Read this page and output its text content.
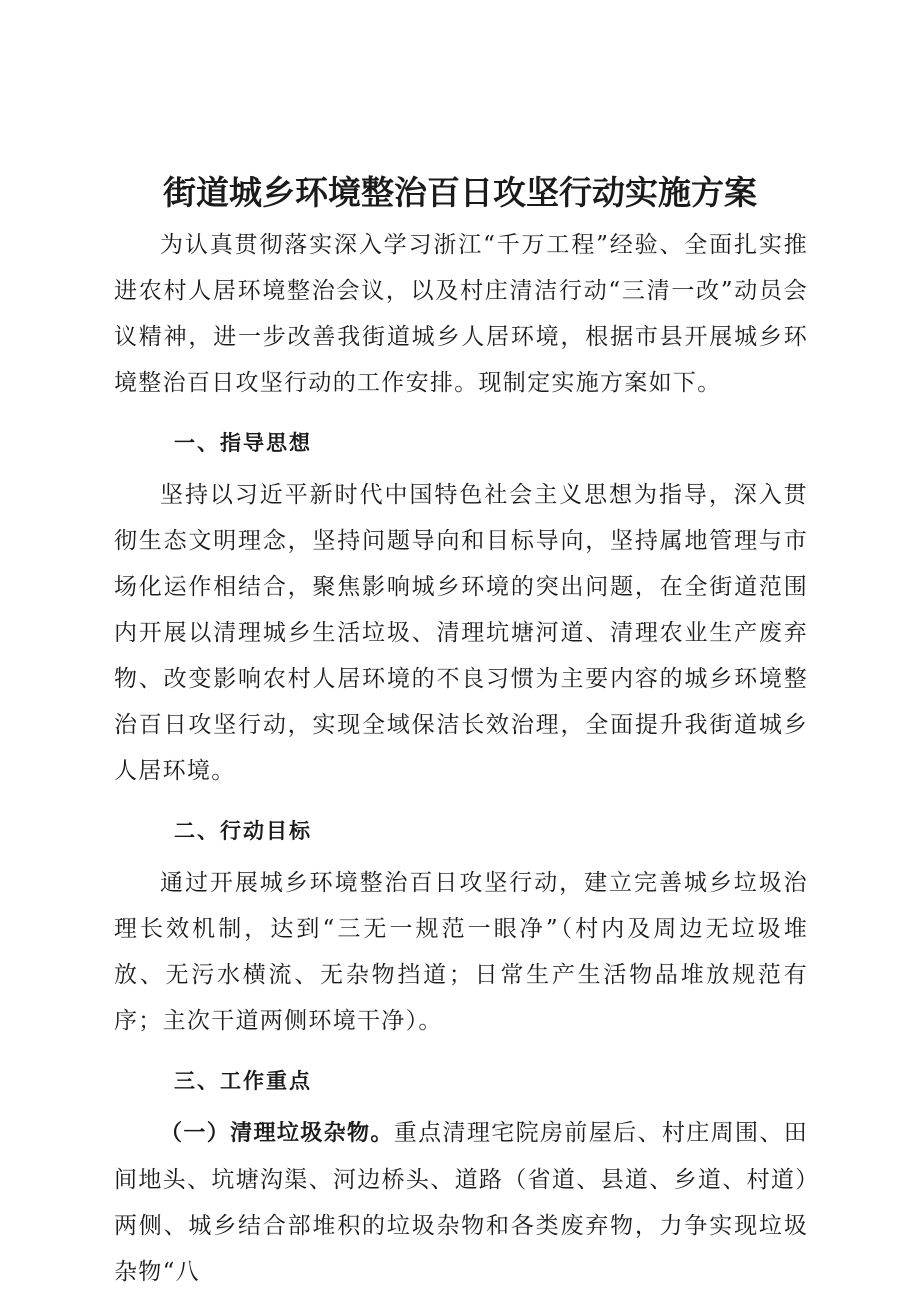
街道城乡环境整治百日攻坚行动实施方案

为认真贯彻落实深入学习浙江“千万工程”经验、全面扎实推进农村人居环境整治会议，以及村庄清洁行动“三清一改”动员会议精神，进一步改善我街道城乡人居环境，根据市县开展城乡环境整治百日攻坚行动的工作安排。现制定实施方案如下。

一、指导思想

坚持以习近平新时代中国特色社会主义思想为指导，深入贯彻生态文明理念，坚持问题导向和目标导向，坚持属地管理与市场化运作相结合，聚焦影响城乡环境的突出问题，在全街道范围内开展以清理城乡生活垃圾、清理坑塘河道、清理农业生产废弃物、改变影响农村人居环境的不良习惯为主要内容的城乡环境整治百日攻坚行动，实现全域保洁长效治理，全面提升我街道城乡人居环境。

二、行动目标

通过开展城乡环境整治百日攻坚行动，建立完善城乡垃圾治理长效机制，达到“三无一规范一眼净”（村内及周边无垃圾堆放、无污水横流、无杂物挡道；日常生产生活物品堆放规范有序；主次干道两侧环境干净）。

三、工作重点

（一）清理垃圾杂物。重点清理宅院房前屋后、村庄周围、田间地头、坑塘沟渠、河边桥头、道路（省道、县道、乡道、村道）两侧、城乡结合部堆积的垃圾杂物和各类废弃物，力争实现垃圾杂物“八
